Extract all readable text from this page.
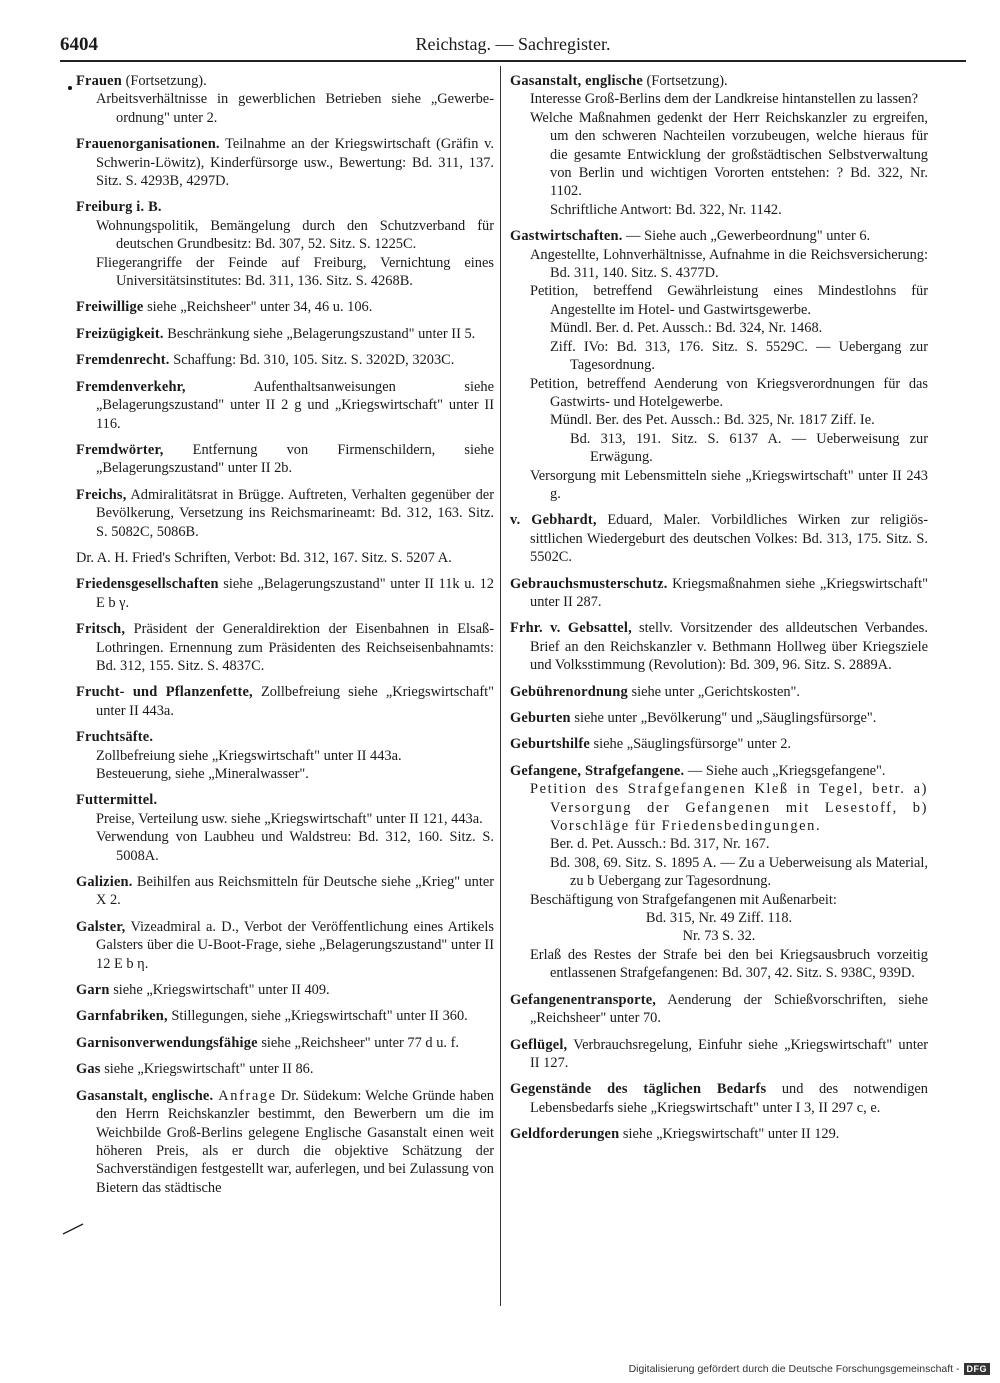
6404	Reichstag. — Sachregister.

Frauen (Fortsetzung).

Arbeitsverhältnisse in gewerblichen Betrieben siehe „Gewerbe-ordnung" unter 2.

Frauenorganisationen. Teilnahme an der Kriegswirtschaft (Gräfin v. Schwerin-Löwitz), Kinderfürsorge usw., Bewertung: Bd. 311, 137. Sitz. S. 4293B, 4297D.

Freiburg i. B.

Wohnungspolitik, Bemängelung durch den Schutzverband für deutschen Grundbesitz: Bd. 307, 52. Sitz. S. 1225C.

Fliegerangriffe der Feinde auf Freiburg, Vernichtung eines Universitätsinstitutes: Bd. 311, 136. Sitz. S. 4268B.

Freiwillige siehe „Reichsheer" unter 34, 46 u. 106.

Freizügigkeit. Beschränkung siehe „Belagerungszustand" unter II 5.

Fremdenrecht. Schaffung: Bd. 310, 105. Sitz. S. 3202D, 3203C.

Fremdenverkehr, Aufenthaltsanweisungen siehe „Belagerungszustand" unter II 2 g und „Kriegswirtschaft" unter II 116.

Fremdwörter, Entfernung von Firmenschildern, siehe „Belagerungszustand" unter II 2b.

Freichs, Admiralitätsrat in Brügge. Auftreten, Verhalten gegenüber der Bevölkerung, Versetzung ins Reichsmarineamt: Bd. 312, 163. Sitz. S. 5082C, 5086B.

Dr. A. H. Fried's Schriften, Verbot: Bd. 312, 167. Sitz. S. 5207 A.

Friedensgesellschaften siehe „Belagerungszustand" unter II 11k u. 12 E b γ.

Fritsch, Präsident der Generaldirektion der Eisenbahnen in Elsaß-Lothringen. Ernennung zum Präsidenten des Reichseisenbahnamts: Bd. 312, 155. Sitz. S. 4837C.

Frucht- und Pflanzenfette, Zollbefreiung siehe „Kriegswirtschaft" unter II 443a.

Fruchtsäfte.

Zollbefreiung siehe „Kriegswirtschaft" unter II 443a.

Besteuerung, siehe „Mineralwasser".

Futtermittel.

Preise, Verteilung usw. siehe „Kriegswirtschaft" unter II 121, 443a.

Verwendung von Laubheu und Waldstreu: Bd. 312, 160. Sitz. S. 5008A.

Galizien. Beihilfen aus Reichsmitteln für Deutsche siehe „Krieg" unter X 2.

Galster, Vizeadmiral a. D., Verbot der Veröffentlichung eines Artikels Galsters über die U-Boot-Frage, siehe „Belagerungszustand" unter II 12 E b η.

Garn siehe „Kriegswirtschaft" unter II 409.

Garnfabriken, Stillegungen, siehe „Kriegswirtschaft" unter II 360.

Garnisonverwendungsfähige siehe „Reichsheer" unter 77 d u. f.

Gas siehe „Kriegswirtschaft" unter II 86.

Gasanstalt, englische. Anfrage Dr. Südekum: Welche Gründe haben den Herrn Reichskanzler bestimmt, den Bewerbern um die im Weichbilde Groß-Berlins gelegene Englische Gasanstalt einen weit höheren Preis, als er durch die objektive Schätzung der Sachverständigen festgestellt war, auferlegen, und bei Zulassung von Bietern das städtische

Gasanstalt, englische (Fortsetzung).

Interesse Groß-Berlins dem der Landkreise hintanstellen zu lassen?

Welche Maßnahmen gedenkt der Herr Reichskanzler zu ergreifen, um den schweren Nachteilen vorzubeugen, welche hieraus für die gesamte Entwicklung der großstädtischen Selbstverwaltung von Berlin und wichtigen Vororten entstehen: ? Bd. 322, Nr. 1102.

Schriftliche Antwort: Bd. 322, Nr. 1142.

Gastwirtschaften. — Siehe auch „Gewerbeordnung" unter 6.

Angestellte, Lohnverhältnisse, Aufnahme in die Reichsversicherung: Bd. 311, 140. Sitz. S. 4377D.

Petition, betreffend Gewährleistung eines Mindestlohns für Angestellte im Hotel- und Gastwirtsgewerbe.

Mündl. Ber. d. Pet. Aussch.: Bd. 324, Nr. 1468.

Ziff. IVo: Bd. 313, 176. Sitz. S. 5529C. — Uebergang zur Tagesordnung.

Petition, betreffend Aenderung von Kriegsverordnungen für das Gastwirts- und Hotelgewerbe.

Mündl. Ber. des Pet. Aussch.: Bd. 325, Nr. 1817 Ziff. Ie.

Bd. 313, 191. Sitz. S. 6137 A. — Ueberweisung zur Erwägung.

Versorgung mit Lebensmitteln siehe „Kriegswirtschaft" unter II 243 g.

v. Gebhardt, Eduard, Maler. Vorbildliches Wirken zur religiös-sittlichen Wiedergeburt des deutschen Volkes: Bd. 313, 175. Sitz. S. 5502C.

Gebrauchsmusterschutz. Kriegsmaßnahmen siehe „Kriegswirtschaft" unter II 287.

Frhr. v. Gebsattel, stellv. Vorsitzender des alldeutschen Verbandes. Brief an den Reichskanzler v. Bethmann Hollweg über Kriegsziele und Volksstimmung (Revolution): Bd. 309, 96. Sitz. S. 2889A.

Gebührenordnung siehe unter „Gerichtskosten".

Geburten siehe unter „Bevölkerung" und „Säuglingsfürsorge".

Geburtshilfe siehe „Säuglingsfürsorge" unter 2.

Gefangene, Strafgefangene. — Siehe auch „Kriegsgefangene".

Petition des Strafgefangenen Kleß in Tegel, betr. a) Versorgung der Gefangenen mit Lesestoff, b) Vorschläge für Friedensbedingungen.

Ber. d. Pet. Aussch.: Bd. 317, Nr. 167.

Bd. 308, 69. Sitz. S. 1895 A. — Zu a Ueberweisung als Material, zu b Uebergang zur Tagesordnung.

Beschäftigung von Strafgefangenen mit Außenarbeit:

Bd. 315, Nr. 49 Ziff. 118.

Nr. 73 S. 32.

Erlaß des Restes der Strafe bei den bei Kriegsausbruch vorzeitig entlassenen Strafgefangenen: Bd. 307, 42. Sitz. S. 938C, 939D.

Gefangenentransporte, Aenderung der Schießvorschriften, siehe „Reichsheer" unter 70.

Geflügel, Verbrauchsregelung, Einfuhr siehe „Kriegswirtschaft" unter II 127.

Gegenstände des täglichen Bedarfs und des notwendigen Lebensbedarfs siehe „Kriegswirtschaft" unter I 3, II 297 c, e.

Geldforderungen siehe „Kriegswirtschaft" unter II 129.

Digitalisierung gefördert durch die Deutsche Forschungsgemeinschaft - DFG
